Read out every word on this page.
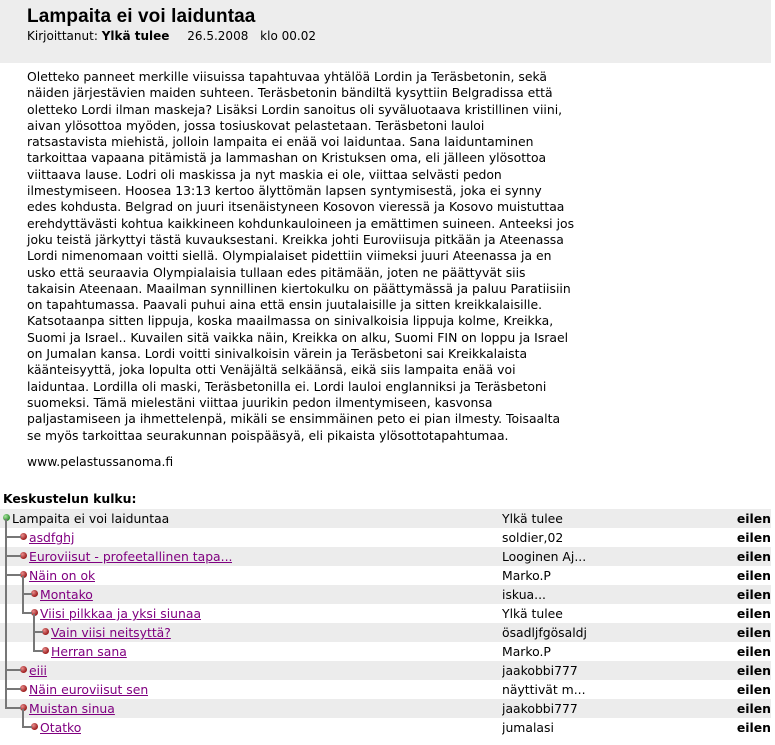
Lampaita ei voi laiduntaa
Kirjoittanut: Ylkä tulee 26.5.2008 klo 00.02
Oletteko panneet merkille viisuissa tapahtuvaa yhtälöä Lordin ja Teräsbetonin, sekä
näiden järjestävien maiden suhteen. Teräsbetonin bändiltä kysyttiin Belgradissa että
oletteko Lordi ilman maskeja? Lisäksi Lordin sanoitus oli syväluotaava kristillinen viini,
aivan ylösottoa myöden, jossa tosiuskovat pelastetaan. Teräsbetoni lauloi
ratsastavista miehistä, jolloin lampaita ei enää voi laiduntaa. Sana laiduntaminen
tarkoittaa vapaana pitämistä ja lammashan on Kristuksen oma, eli jälleen ylösottoa
viittaava lause. Lodri oli maskissa ja nyt maskia ei ole, viittaa selvästi pedon
ilmestymiseen. Hoosea 13:13 kertoo älyttömän lapsen syntymisestä, joka ei synny
edes kohdusta. Belgrad on juuri itsenäistyneen Kosovon vieressä ja Kosovo muistuttaa
erehdyttävästi kohtua kaikkineen kohdunkauloineen ja emättimen suineen. Anteeksi jos
joku teistä järkyttyi tästä kuvauksestani. Kreikka johti Euroviisuja pitkään ja Ateenassa
Lordi nimenomaan voitti siellä. Olympialaiset pidettiin viimeksi juuri Ateenassa ja en
usko että seuraavia Olympialaisia tullaan edes pitämään, joten ne päättyvät siis
takaisin Ateenaan. Maailman synnillinen kiertokulku on päättymässä ja paluu Paratiisiin
on tapahtumassa. Paavali puhui aina että ensin juutalaisille ja sitten kreikkalaisille.
Katsotaanpa sitten lippuja, koska maailmassa on sinivalkoisia lippuja kolme, Kreikka,
Suomi ja Israel.. Kuvailen sitä vaikka näin, Kreikka on alku, Suomi FIN on loppu ja Israel
on Jumalan kansa. Lordi voitti sinivalkoisin värein ja Teräsbetoni sai Kreikkalaista
käänteisyyttä, joka lopulta otti Venäjältä selkäänsä, eikä siis lampaita enää voi
laiduntaa. Lordilla oli maski, Teräsbetonilla ei. Lordi lauloi englanniksi ja Teräsbetoni
suomeksi. Tämä mielestäni viittaa juurikin pedon ilmentymiseen, kasvonsa
paljastamiseen ja ihmettelenpä, mikäli se ensimmäinen peto ei pian ilmesty. Toisaalta
se myös tarkoittaa seurakunnan poispääsyä, eli pikaista ylösottotapahtumaa.
www.pelastussanoma.fi
Keskustelun kulku:
Lampaita ei voi laiduntaa	Ylkä tulee	eilen
asdfghj	soldier,02	eilen
Euroviisut - profeetallinen tapa...	Looginen Aj...	eilen
Näin on ok	Marko.P	eilen
Montako	iskua...	eilen
Viisi pilkkaa ja yksi siunaa	Ylkä tulee	eilen
Vain viisi neitsyttä?	ösadljfgösaldj	eilen
Herran sana	Marko.P	eilen
eiii	jaakobbi777	eilen
Näin euroviisut sen	näyttivät m...	eilen
Muistan sinua	jaakobbi777	eilen
Otatko	jumalasi	eilen
